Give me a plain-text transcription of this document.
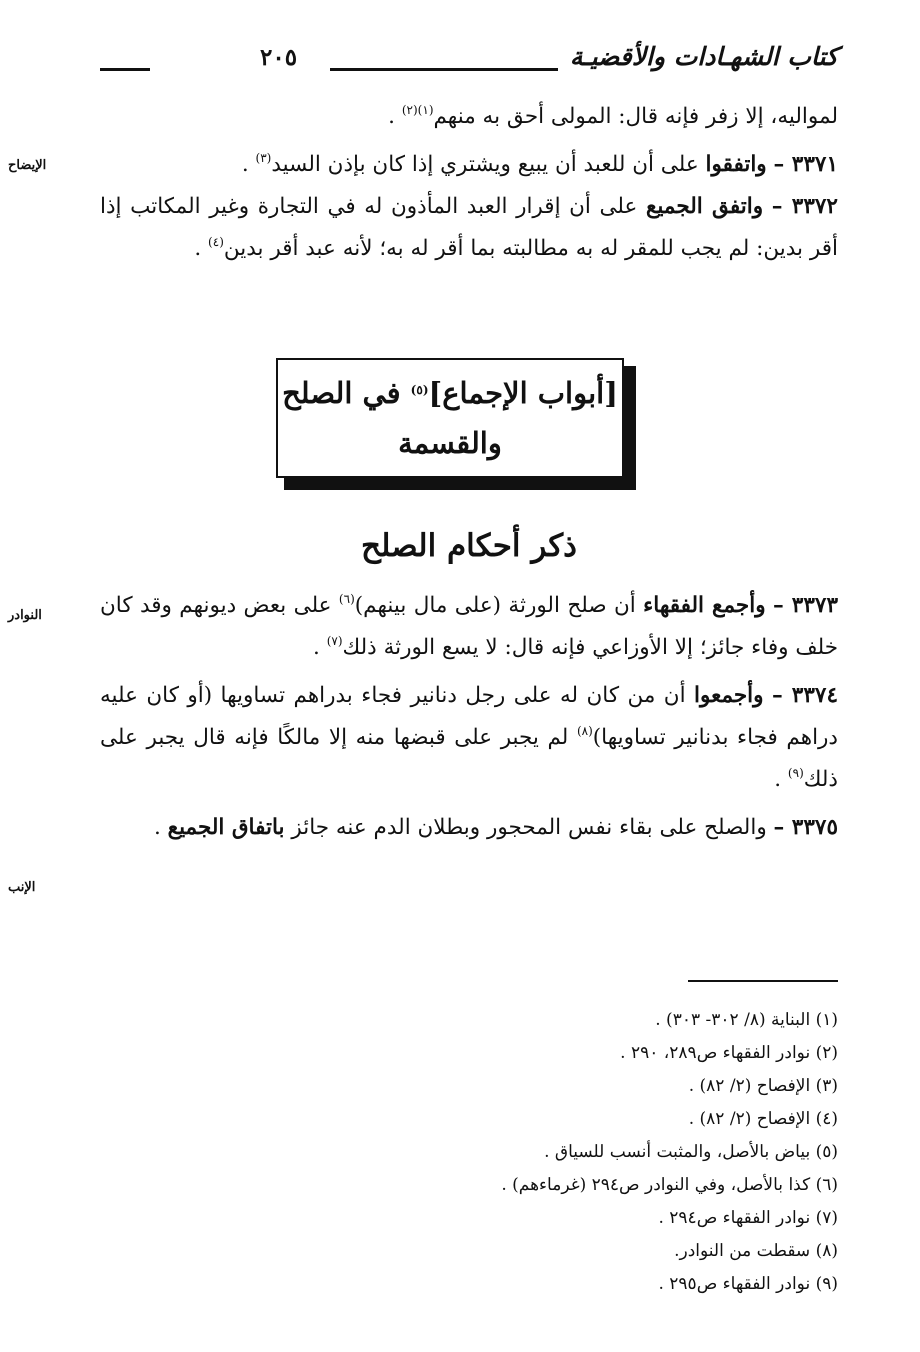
كتاب الشهـادات والأقضيـة
٢٠٥
الإيضاح
النوادر
الإنب

لمواليه، إلا زفر فإنه قال: المولى أحق به منهم$^{(١)(٢)}$ .

٣٣٧١ – واتفقوا على أن للعبد أن يبيع ويشتري إذا كان بإذن السيد$^{(٣)}$ .

٣٣٧٢ – واتفق الجميع على أن إقرار العبد المأذون له في التجارة وغير المكاتب إذا أقر بدين: لم يجب للمقر له به مطالبته بما أقر له به؛ لأنه عبد أقر بدين$^{(٤)}$ .

[أبواب الإجماع]$^{(٥)}$ في الصلح
والقسمة
ذكر أحكام الصلح

٣٣٧٣ – وأجمع الفقهاء أن صلح الورثة (على مال بينهم)$^{(٦)}$ على بعض ديونهم وقد كان خلف وفاء جائز؛ إلا الأوزاعي فإنه قال: لا يسع الورثة ذلك$^{(٧)}$ .

٣٣٧٤ – وأجمعوا أن من كان له على رجل دنانير فجاء بدراهم تساويها (أو كان عليه دراهم فجاء بدنانير تساويها)$^{(٨)}$ لم يجبر على قبضها منه إلا مالكًا فإنه قال يجبر على ذلك$^{(٩)}$ .

٣٣٧٥ – والصلح على بقاء نفس المحجور وبطلان الدم عنه جائز باتفاق الجميع .

(١) البناية (٨/ ٣٠٢- ٣٠٣) .

(٢) نوادر الفقهاء ص٢٨٩، ٢٩٠ .

(٣) الإفصاح (٢/ ٨٢) .

(٤) الإفصاح (٢/ ٨٢) .

(٥) بياض بالأصل، والمثبت أنسب للسياق .

(٦) كذا بالأصل، وفي النوادر ص٢٩٤ (غرماءهم) .

(٧) نوادر الفقهاء ص٢٩٤ .

(٨) سقطت من النوادر.

(٩) نوادر الفقهاء ص٢٩٥ .
